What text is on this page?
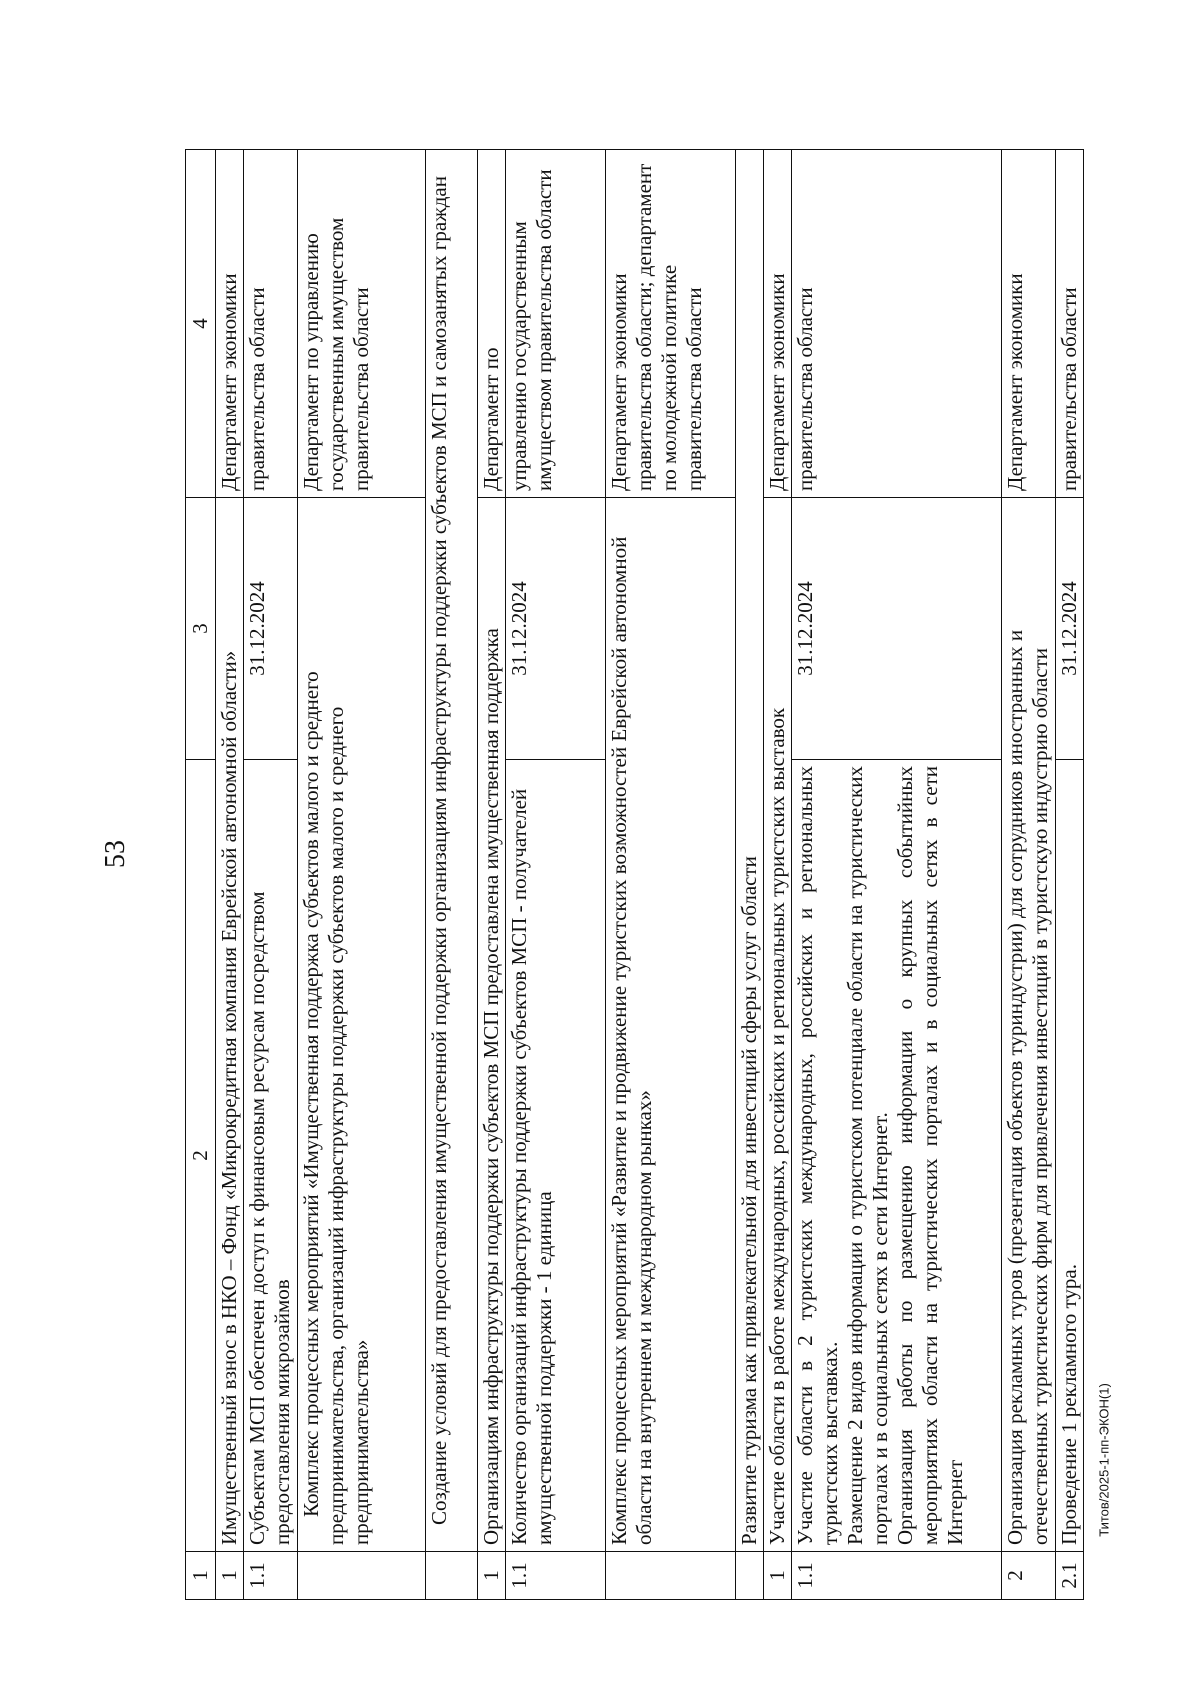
53
1	2	3	4
1	Имущественный взнос в НКО – Фонд «Микрокредитная компания Еврейской автономной области»		Департамент экономики
1.1	Субъектам МСП обеспечен доступ к финансовым ресурсам посредством предоставления микрозаймов	31.12.2024	правительства области
	Комплекс процессных мероприятий «Имущественная поддержка субъектов малого и среднего предпринимательства, организаций инфраструктуры поддержки субъектов малого и среднего предпринимательства»		Департамент по управлению государственным имуществом правительства области
	Создание условий для предоставления имущественной поддержки организациям инфраструктуры поддержки субъектов МСП и самозанятых граждан		
1	Организациям инфраструктуры поддержки субъектов МСП предоставлена имущественная поддержка		Департамент по
1.1	Количество организаций инфраструктуры поддержки субъектов МСП - получателей имущественной поддержки - 1 единица	31.12.2024	управлению государственным имуществом правительства области
	Комплекс процессных мероприятий «Развитие и продвижение туристских возможностей Еврейской автономной области на внутреннем и международном рынках»		Департамент экономики правительства области; департамент по молодежной политике правительства области
	Развитие туризма как привлекательной для инвестиций сферы услуг области		
1	Участие области в работе международных, российских и региональных туристских выставок		Департамент экономики
1.1	Участие области в 2 туристских международных, российских и региональных туристских выставках. Размещение 2 видов информации о туристском потенциале области на туристических порталах и в социальных сетях в сети Интернет. Организация работы по размещению информации о крупных событийных мероприятиях области на туристических порталах и в социальных сетях в сети Интернет	31.12.2024	правительства области
2	Организация рекламных туров (презентация объектов туриндустрии) для сотрудников иностранных и отечественных туристических фирм для привлечения инвестиций в туристскую индустрию области		Департамент экономики
2.1	Проведение 1 рекламного тура.	31.12.2024	правительства области
Титов/2025-1-пп-ЭКОН(1)
